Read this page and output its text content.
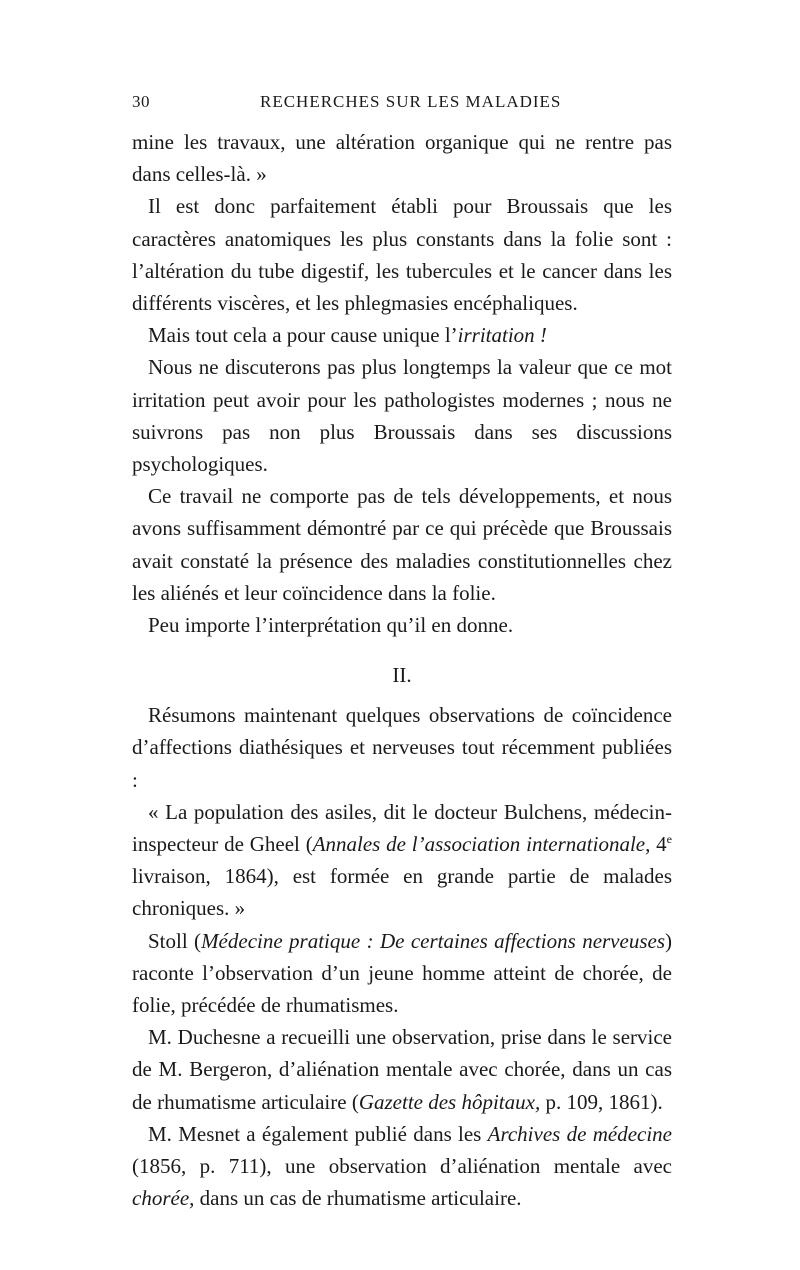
30	RECHERCHES SUR LES MALADIES

mine les travaux, une altération organique qui ne rentre pas dans celles-là. »

Il est donc parfaitement établi pour Broussais que les caractères anatomiques les plus constants dans la folie sont : l’altération du tube digestif, les tubercules et le cancer dans les différents viscères, et les phlegmasies encéphaliques.

Mais tout cela a pour cause unique l’irritation !

Nous ne discuterons pas plus longtemps la valeur que ce mot irritation peut avoir pour les pathologistes modernes ; nous ne suivrons pas non plus Broussais dans ses discussions psychologiques.

Ce travail ne comporte pas de tels développements, et nous avons suffisamment démontré par ce qui précède que Broussais avait constaté la présence des maladies constitutionnelles chez les aliénés et leur coïncidence dans la folie.

Peu importe l’interprétation qu’il en donne.

II.

Résumons maintenant quelques observations de coïncidence d’affections diathésiques et nerveuses tout récemment publiées :

« La population des asiles, dit le docteur Bulchens, médecin-inspecteur de Gheel (Annales de l’association internationale, 4e livraison, 1864), est formée en grande partie de malades chroniques. »

Stoll (Médecine pratique : De certaines affections nerveuses) raconte l’observation d’un jeune homme atteint de chorée, de folie, précédée de rhumatismes.

M. Duchesne a recueilli une observation, prise dans le service de M. Bergeron, d’aliénation mentale avec chorée, dans un cas de rhumatisme articulaire (Gazette des hôpitaux, p. 109, 1861).

M. Mesnet a également publié dans les Archives de médecine (1856, p. 711), une observation d’aliénation mentale avec chorée, dans un cas de rhumatisme articulaire.
